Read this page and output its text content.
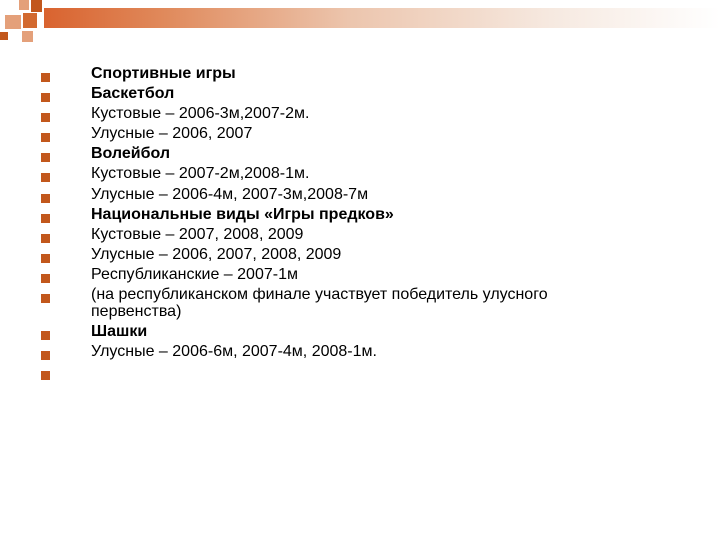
Спортивные игры
Баскетбол
Кустовые – 2006-3м,2007-2м.
Улусные – 2006, 2007
Волейбол
Кустовые – 2007-2м,2008-1м.
Улусные – 2006-4м, 2007-3м,2008-7м
Национальные виды «Игры предков»
Кустовые – 2007, 2008, 2009
Улусные – 2006, 2007, 2008, 2009
Республиканские – 2007-1м
(на республиканском финале участвует победитель улусного первенства)
Шашки
Улусные – 2006-6м, 2007-4м, 2008-1м.
